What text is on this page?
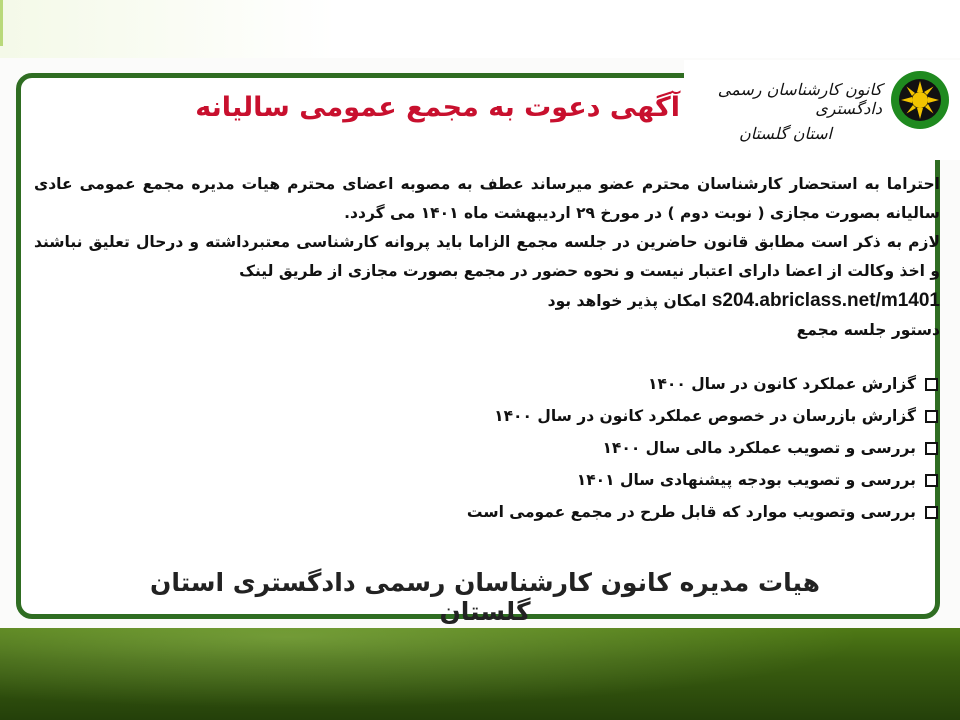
کانون کارشناسان رسمی دادگستری
استان گلستان
آگهی دعوت به مجمع عمومی سالیانه

احتراما به استحضار کارشناسان محترم عضو میرساند عطف به مصوبه اعضای محترم هیات مدیره مجمع عمومی عادی سالیانه بصورت مجازی ( نوبت دوم ) در مورخ ۲۹ اردیبهشت ماه ۱۴۰۱ می گردد.

لازم به ذکر است مطابق قانون حاضرین در جلسه مجمع الزاما باید پروانه کارشناسی معتبرداشته و درحال تعلیق نباشند و اخذ وکالت از اعضا دارای اعتبار نیست و نحوه حضور در مجمع بصورت مجازی از طریق لینک

s204.abriclass.net/m1401 امکان پذیر خواهد بود

دستور جلسه مجمع

گزارش عملکرد کانون در سال ۱۴۰۰
گزارش بازرسان در خصوص عملکرد کانون در سال ۱۴۰۰
بررسی و تصویب عملکرد مالی سال ۱۴۰۰
بررسی و تصویب بودجه پیشنهادی سال ۱۴۰۱
بررسی وتصویب موارد که قابل طرح در مجمع عمومی است
هیات مدیره کانون کارشناسان رسمی دادگستری استان گلستان
